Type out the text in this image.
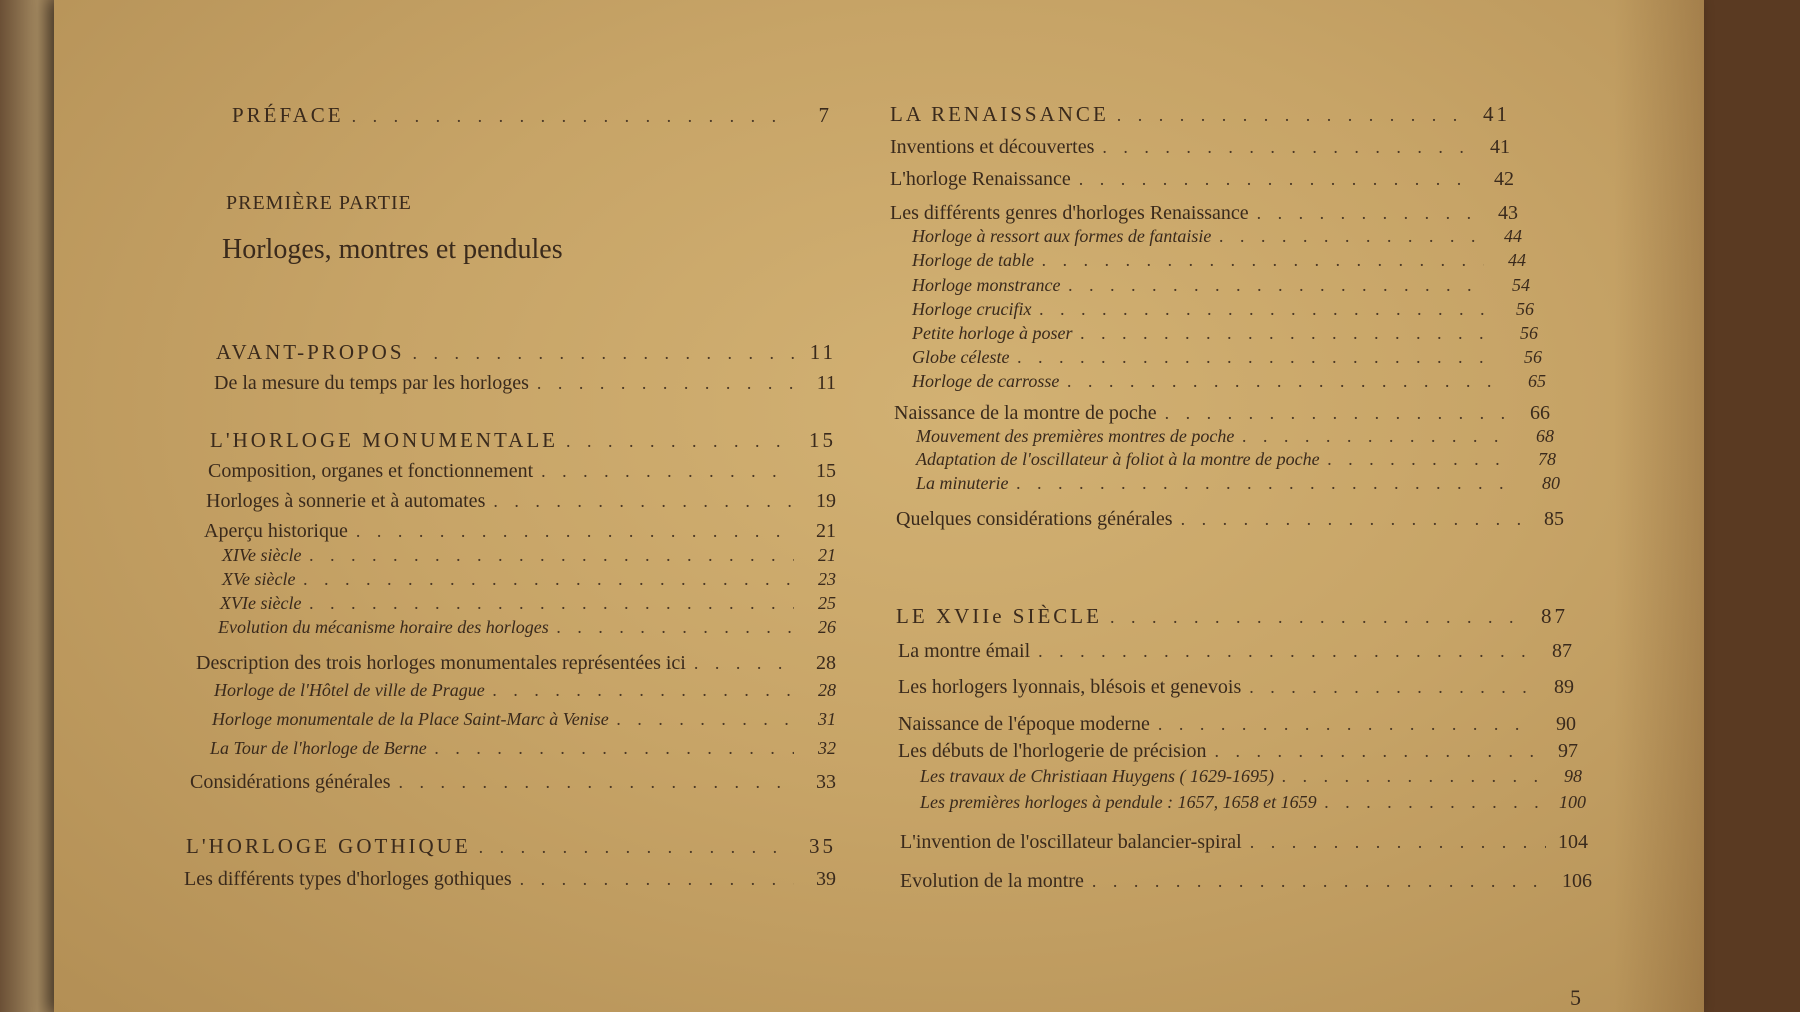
PRÉFACE . . .	7
PREMIÈRE PARTIE
Horloges, montres et pendules
AVANT-PROPOS . . .	11
De la mesure du temps par les horloges . . .	11
L'HORLOGE MONUMENTALE . . .	15
Composition, organes et fonctionnement . . .	15
Horloges à sonnerie et à automates . . .	19
Aperçu historique . . .	21
XIVe siècle . . .	21
XVe siècle . . .	23
XVIe siècle . . .	25
Evolution du mécanisme horaire des horloges . . .	26
Description des trois horloges monumentales représentées ici . . .	28
Horloge de l'Hôtel de ville de Prague . . .	28
Horloge monumentale de la Place Saint-Marc à Venise . . .	31
La Tour de l'horloge de Berne . . .	32
Considérations générales . . .	33
L'HORLOGE GOTHIQUE . . .	35
Les différents types d'horloges gothiques . . .	39
LA RENAISSANCE . . .	41
Inventions et découvertes . . .	41
L'horloge Renaissance . . .	42
Les différents genres d'horloges Renaissance . . .	43
Horloge à ressort aux formes de fantaisie . . .	44
Horloge de table . . .	44
Horloge monstrance . . .	54
Horloge crucifix . . .	56
Petite horloge à poser . . .	56
Globe céleste . . .	56
Horloge de carrosse . . .	65
Naissance de la montre de poche . . .	66
Mouvement des premières montres de poche . . .	68
Adaptation de l'oscillateur à foliot à la montre de poche . . .	78
La minuterie . . .	80
Quelques considérations générales . . .	85
LE XVIIe SIÈCLE . . .	87
La montre émail . . .	87
Les horlogers lyonnais, blésois et genevois . . .	89
Naissance de l'époque moderne . . .	90
Les débuts de l'horlogerie de précision . . .	97
Les travaux de Christiaan Huygens ( 1629-1695) . . .	98
Les premières horloges à pendule : 1657, 1658 et 1659 . . .	100
L'invention de l'oscillateur balancier-spiral . . .	104
Evolution de la montre . . .	106
5
